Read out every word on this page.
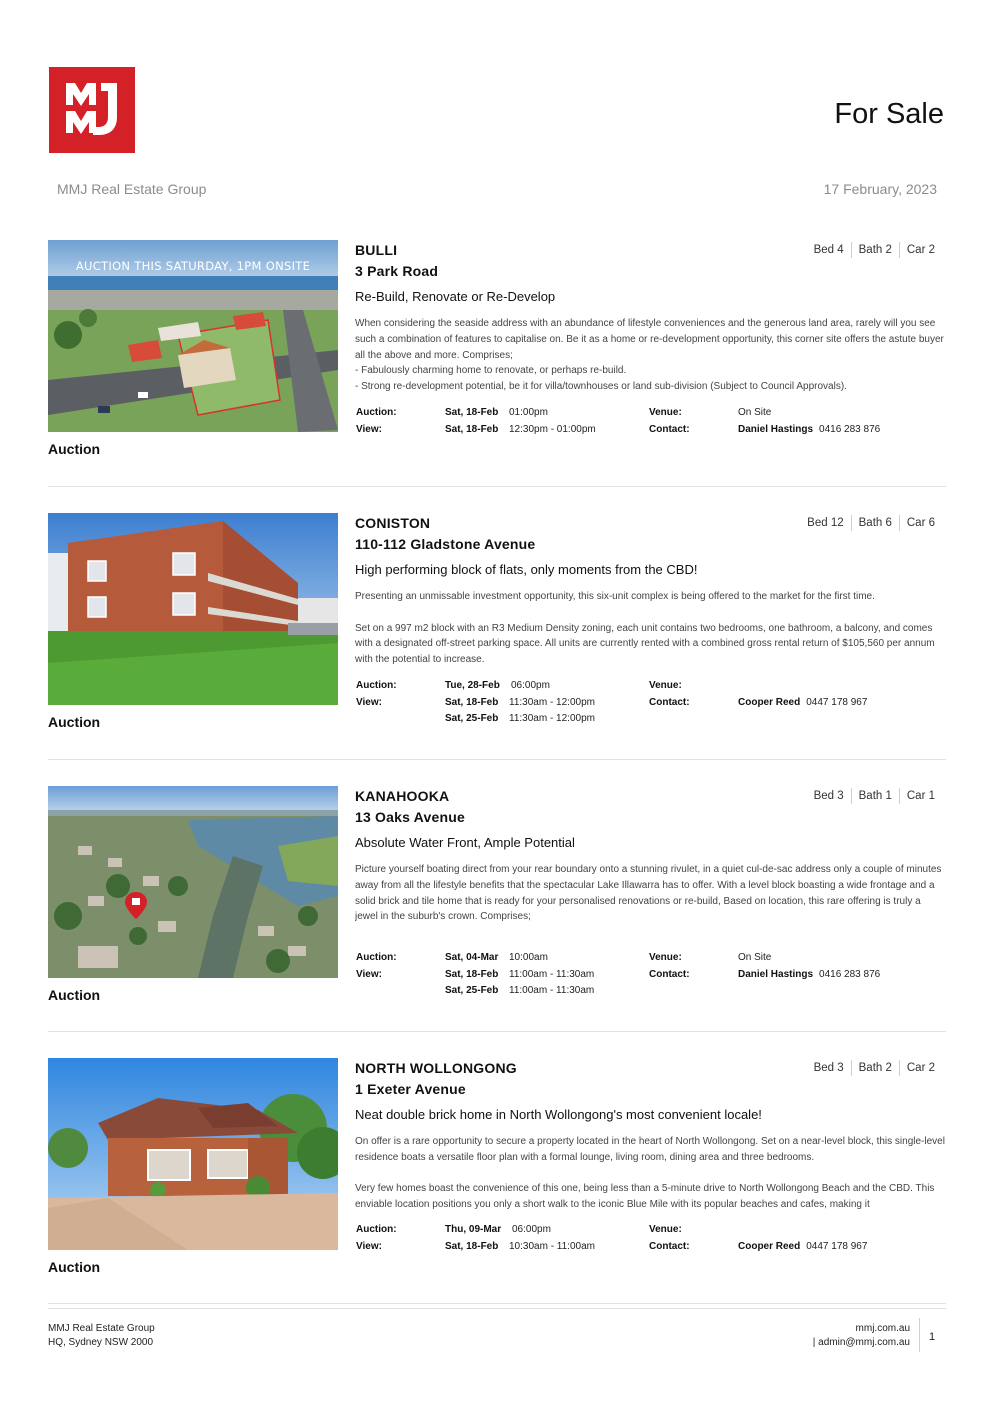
For Sale
MMJ Real Estate Group	17 February, 2023
AUCTION THIS SATURDAY, 1PM ONSITE
Auction
BULLI
3 Park Road
Re-Build, Renovate or Re-Develop
Bed 4	Bath 2	Car 2

When considering the seaside address with an abundance of lifestyle conveniences and the generous land area, rarely will you see such a combination of features to capitalise on. Be it as a home or re-development opportunity, this corner site offers the astute buyer all the above and more. Comprises;

- Fabulously charming home to renovate, or perhaps re-build.

- Strong re-development potential, be it for villa/townhouses or land sub-division (Subject to Council Approvals).

Auction:	Sat, 18-Feb 01:00pm
View:	Sat, 18-Feb 12:30pm - 01:00pm
Venue:	On Site
Contact:	Daniel Hastings 0416 283 876
Auction
CONISTON
110-112 Gladstone Avenue
High performing block of flats, only moments from the CBD!
Bed 12	Bath 6	Car 6

Presenting an unmissable investment opportunity, this six-unit complex is being offered to the market for the first time.

Set on a 997 m2 block with an R3 Medium Density zoning, each unit contains two bedrooms, one bathroom, a balcony, and comes with a designated off-street parking space. All units are currently rented with a combined gross rental return of $105,560 per annum with the potential to increase.

Auction:	Tue, 28-Feb 06:00pm
View:	Sat, 18-Feb 11:30am - 12:00pm
Sat, 25-Feb 11:30am - 12:00pm
Venue:
Contact:	Cooper Reed 0447 178 967
Auction
KANAHOOKA
13 Oaks Avenue
Absolute Water Front, Ample Potential
Bed 3	Bath 1	Car 1

Picture yourself boating direct from your rear boundary onto a stunning rivulet, in a quiet cul-de-sac address only a couple of minutes away from all the lifestyle benefits that the spectacular Lake Illawarra has to offer. With a level block boasting a wide frontage and a solid brick and tile home that is ready for your personalised renovations or re-build, Based on location, this rare offering is truly a jewel in the suburb's crown. Comprises;

Auction:	Sat, 04-Mar 10:00am
View:	Sat, 18-Feb 11:00am - 11:30am
Sat, 25-Feb 11:00am - 11:30am
Venue:	On Site
Contact:	Daniel Hastings 0416 283 876
Auction
NORTH WOLLONGONG
1 Exeter Avenue
Neat double brick home in North Wollongong's most convenient locale!
Bed 3	Bath 2	Car 2

On offer is a rare opportunity to secure a property located in the heart of North Wollongong. Set on a near-level block, this single-level residence boats a versatile floor plan with a formal lounge, living room, dining area and three bedrooms.

Very few homes boast the convenience of this one, being less than a 5-minute drive to North Wollongong Beach and the CBD. This enviable location positions you only a short walk to the iconic Blue Mile with its popular beaches and cafes, making it

Auction:	Thu, 09-Mar 06:00pm
View:	Sat, 18-Feb 10:30am - 11:00am
Venue:
Contact:	Cooper Reed 0447 178 967
MMJ Real Estate Group
HQ, Sydney NSW 2000
mmj.com.au
| admin@mmj.com.au 1
